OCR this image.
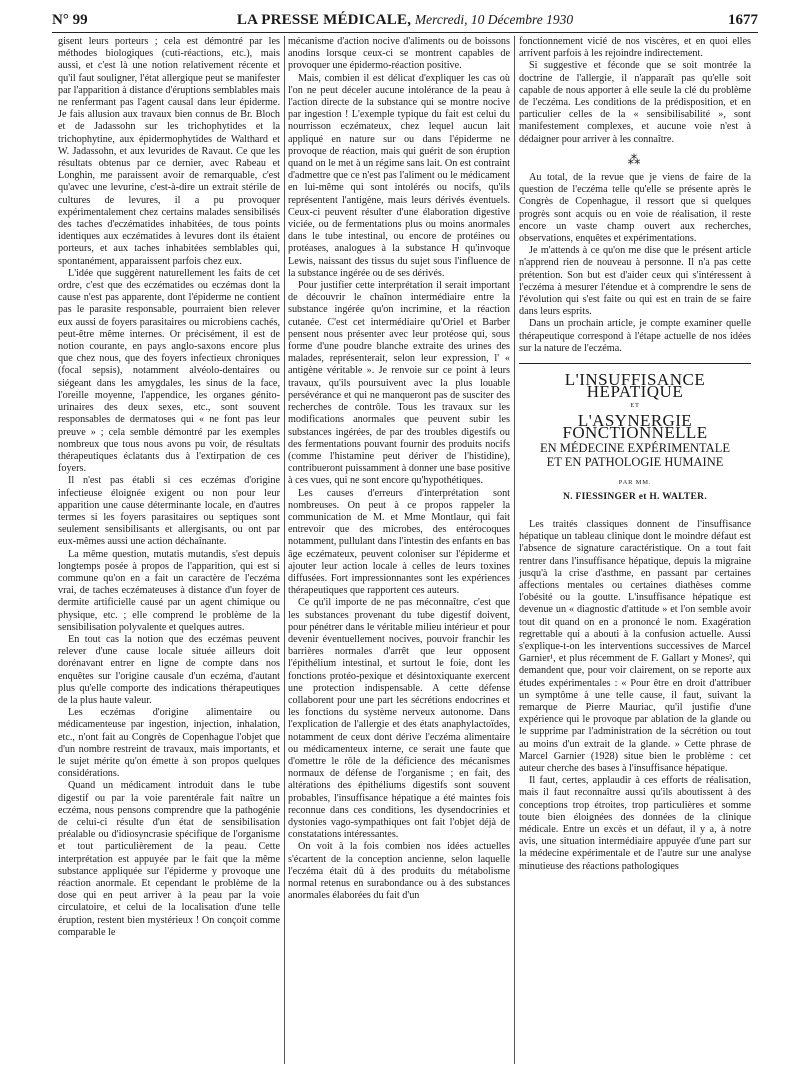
N° 99	LA PRESSE MÉDICALE, Mercredi, 10 Décembre 1930	1677

gisent leurs porteurs ; cela est démontré par les méthodes biologiques (cuti-réactions, etc.), mais aussi, et c'est là une notion relativement récente et qu'il faut souligner, l'état allergique peut se manifester par l'apparition à distance d'éruptions semblables mais ne renfermant pas l'agent causal dans leur épiderme. Je fais allusion aux travaux bien connus de Br. Bloch et de Jadassohn sur les trichophytides et la trichophytine, aux épidermophytides de Walthard et W. Jadassohn, et aux levurides de Ravaut. Ce que les résultats obtenus par ce dernier, avec Rabeau et Longhin, me paraissent avoir de remarquable, c'est qu'avec une levurine, c'est-à-dire un extrait stérile de cultures de levures, il a pu provoquer expérimentalement chez certains malades sensibilisés des taches d'eczématides inhabitées, de tous points identiques aux eczématides à levures dont ils étaient porteurs, et aux taches inhabitées semblables qui, spontanément, apparaissent parfois chez eux.

L'idée que suggèrent naturellement les faits de cet ordre, c'est que des eczématides ou eczémas dont la cause n'est pas apparente, dont l'épiderme ne contient pas le parasite responsable, pourraient bien relever eux aussi de foyers parasitaires ou microbiens cachés, peut-être même internes. Or précisément, il est de notion courante, en pays anglo-saxons encore plus que chez nous, que des foyers infectieux chroniques (focal sepsis), notamment alvéolo-dentaires ou siégeant dans les amygdales, les sinus de la face, l'oreille moyenne, l'appendice, les organes génito-urinaires des deux sexes, etc., sont souvent responsables de dermatoses qui « ne font pas leur preuve » ; cela semble démontré par les exemples nombreux que tous nous avons pu voir, de résultats thérapeutiques éclatants dus à l'extirpation de ces foyers.

Il n'est pas établi si ces eczémas d'origine infectieuse éloignée exigent ou non pour leur apparition une cause déterminante locale, en d'autres termes si les foyers parasitaires ou septiques sont seulement sensibilisants et allergisants, ou ont par eux-mêmes aussi une action déchaînante.

La même question, mutatis mutandis, s'est depuis longtemps posée à propos de l'apparition, qui est si commune qu'on en a fait un caractère de l'eczéma vrai, de taches eczémateuses à distance d'un foyer de dermite artificielle causé par un agent chimique ou physique, etc. ; elle comprend le problème de la sensibilisation polyvalente et quelques autres.

En tout cas la notion que des eczémas peuvent relever d'une cause locale située ailleurs doit dorénavant entrer en ligne de compte dans nos enquêtes sur l'origine causale d'un eczéma, d'autant plus qu'elle comporte des indications thérapeutiques de la plus haute valeur.

Les eczémas d'origine alimentaire ou médicamenteuse par ingestion, injection, inhalation, etc., n'ont fait au Congrès de Copenhague l'objet que d'un nombre restreint de travaux, mais importants, et le sujet mérite qu'on émette à son propos quelques considérations.

Quand un médicament introduit dans le tube digestif ou par la voie parentérale fait naître un eczéma, nous pensons comprendre que la pathogénie de celui-ci résulte d'un état de sensibilisation préalable ou d'idiosyncrasie spécifique de l'organisme et tout particulièrement de la peau. Cette interprétation est appuyée par le fait que la même substance appliquée sur l'épiderme y provoque une réaction anormale. Et cependant le problème de la dose qui en peut arriver à la peau par la voie circulatoire, et celui de la localisation d'une telle éruption, restent bien mystérieux ! On conçoit comme comparable le

mécanisme d'action nocive d'aliments ou de boissons anodins lorsque ceux-ci se montrent capables de provoquer une épidermo-réaction positive.

Mais, combien il est délicat d'expliquer les cas où l'on ne peut déceler aucune intolérance de la peau à l'action directe de la substance qui se montre nocive par ingestion ! L'exemple typique du fait est celui du nourrisson eczémateux, chez lequel aucun lait appliqué en nature sur ou dans l'épiderme ne provoque de réaction, mais qui guérit de son éruption quand on le met à un régime sans lait. On est contraint d'admettre que ce n'est pas l'aliment ou le médicament en lui-même qui sont intolérés ou nocifs, qu'ils représentent l'antigène, mais leurs dérivés éventuels. Ceux-ci peuvent résulter d'une élaboration digestive viciée, ou de fermentations plus ou moins anormales dans le tube intestinal, ou encore de protéines ou protéases, analogues à la substance H qu'invoque Lewis, naissant des tissus du sujet sous l'influence de la substance ingérée ou de ses dérivés.

Pour justifier cette interprétation il serait important de découvrir le chaînon intermédiaire entre la substance ingérée qu'on incrimine, et la réaction cutanée. C'est cet intermédiaire qu'Oriel et Barber pensent nous présenter avec leur protéose qui, sous forme d'une poudre blanche extraite des urines des malades, représenterait, selon leur expression, l' « antigène véritable ». Je renvoie sur ce point à leurs travaux, qu'ils poursuivent avec la plus louable persévérance et qui ne manqueront pas de susciter des recherches de contrôle. Tous les travaux sur les modifications anormales que peuvent subir les substances ingérées, de par des troubles digestifs ou des fermentations pouvant fournir des produits nocifs (comme l'histamine peut dériver de l'histidine), contribueront puissamment à donner une base positive à ces vues, qui ne sont encore qu'hypothétiques.

Les causes d'erreurs d'interprétation sont nombreuses. On peut à ce propos rappeler la communication de M. et Mme Montlaur, qui fait entrevoir que des microbes, des entérocoques notamment, pullulant dans l'intestin des enfants en bas âge eczémateux, peuvent coloniser sur l'épiderme et ajouter leur action locale à celles de leurs toxines diffusées. Fort impressionnantes sont les expériences thérapeutiques que rapportent ces auteurs.

Ce qu'il importe de ne pas méconnaître, c'est que les substances provenant du tube digestif doivent, pour pénétrer dans le véritable milieu intérieur et pour devenir éventuellement nocives, pouvoir franchir les barrières normales d'arrêt que leur opposent l'épithélium intestinal, et surtout le foie, dont les fonctions protéo-pexique et désintoxiquante exercent une protection indispensable. A cette défense collaborent pour une part les sécrétions endocrines et les fonctions du système nerveux autonome. Dans l'explication de l'allergie et des états anaphylactoïdes, notamment de ceux dont dérive l'eczéma alimentaire ou médicamenteux interne, ce serait une faute que d'omettre le rôle de la déficience des mécanismes normaux de défense de l'organisme ; en fait, des altérations des épithéliums digestifs sont souvent probables, l'insuffisance hépatique a été maintes fois reconnue dans ces conditions, les dysendocrinies et dystonies vago-sympathiques ont fait l'objet déjà de constatations intéressantes.

On voit à la fois combien nos idées actuelles s'écartent de la conception ancienne, selon laquelle l'eczéma était dû à des produits du métabolisme normal retenus en surabondance ou à des substances anormales élaborées du fait d'un

fonctionnement vicié de nos viscères, et en quoi elles arrivent parfois à les rejoindre indirectement.

Si suggestive et féconde que se soit montrée la doctrine de l'allergie, il n'apparaît pas qu'elle soit capable de nous apporter à elle seule la clé du problème de l'eczéma. Les conditions de la prédisposition, et en particulier celles de la « sensibilisabilité », sont manifestement complexes, et aucune voie n'est à dédaigner pour arriver à les connaître.

⁂

Au total, de la revue que je viens de faire de la question de l'eczéma telle qu'elle se présente après le Congrès de Copenhague, il ressort que si quelques progrès sont acquis ou en voie de réalisation, il reste encore un vaste champ ouvert aux recherches, observations, enquêtes et expérimentations.

Je m'attends à ce qu'on me dise que le présent article n'apprend rien de nouveau à personne. Il n'a pas cette prétention. Son but est d'aider ceux qui s'intéressent à l'eczéma à mesurer l'étendue et à comprendre le sens de l'évolution qui s'est faite ou qui est en train de se faire dans leurs esprits.

Dans un prochain article, je compte examiner quelle thérapeutique correspond à l'étape actuelle de nos idées sur la nature de l'eczéma.

L'INSUFFISANCE HÉPATIQUE
ET
L'ASYNERGIE FONCTIONNELLE
EN MÉDECINE EXPÉRIMENTALE
ET EN PATHOLOGIE HUMAINE
PAR MM.
N. FIESSINGER et H. WALTER.

Les traités classiques donnent de l'insuffisance hépatique un tableau clinique dont le moindre défaut est l'absence de signature caractéristique. On a tout fait rentrer dans l'insuffisance hépatique, depuis la migraine jusqu'à la crise d'asthme, en passant par certaines affections mentales ou certaines diathèses comme l'obésité ou la goutte. L'insuffisance hépatique est devenue un « diagnostic d'attitude » et l'on semble avoir tout dit quand on en a prononcé le nom. Exagération regrettable qui a abouti à la confusion actuelle. Aussi s'explique-t-on les interventions successives de Marcel Garnier¹, et plus récemment de F. Gallart y Mones², qui demandent que, pour voir clairement, on se reporte aux études expérimentales : « Pour être en droit d'attribuer un symptôme à une telle cause, il faut, suivant la remarque de Pierre Mauriac, qu'il justifie d'une expérience qui le provoque par ablation de la glande ou le supprime par l'administration de la sécrétion ou tout au moins d'un extrait de la glande. » Cette phrase de Marcel Garnier (1928) situe bien le problème : cet auteur cherche des bases à l'insuffisance hépatique.

Il faut, certes, applaudir à ces efforts de réalisation, mais il faut reconnaître aussi qu'ils aboutissent à des conceptions trop étroites, trop particulières et somme toute bien éloignées des données de la clinique médicale. Entre un excès et un défaut, il y a, à notre avis, une situation intermédiaire appuyée d'une part sur la médecine expérimentale et de l'autre sur une analyse minutieuse des réactions pathologiques
